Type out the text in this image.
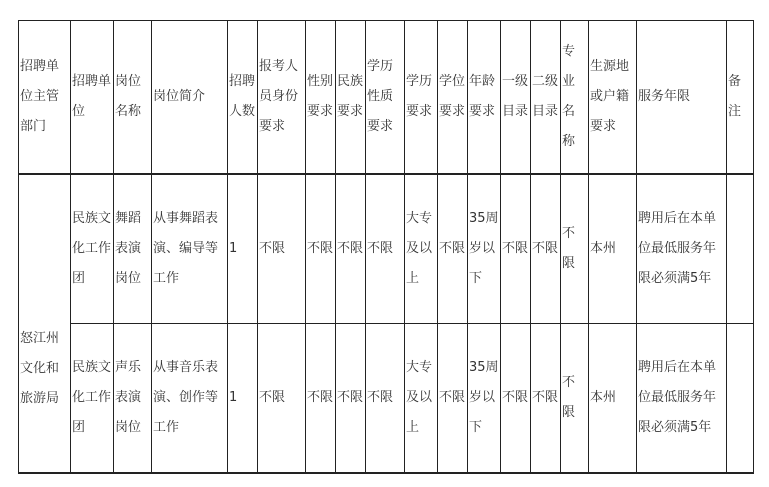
招聘单位主管部门	招聘单位	岗位名称	岗位简介	招聘人数	报考人员身份要求	性别要求	民族要求	学历性质要求	学历要求	学位要求	年龄要求	一级目录	二级目录	专业名称	生源地或户籍要求	服务年限	备注
怒江州文化和旅游局	民族文化工作团	舞蹈表演岗位	从事舞蹈表演、编导等工作	1	不限	不限	不限	不限	大专及以上	不限	35周岁以下	不限	不限	不限	本州	聘用后在本单位最低服务年限必须满5年	
	民族文化工作团	声乐表演岗位	从事音乐表演、创作等工作	1	不限	不限	不限	不限	大专及以上	不限	35周岁以下	不限	不限	不限	本州	聘用后在本单位最低服务年限必须满5年	
